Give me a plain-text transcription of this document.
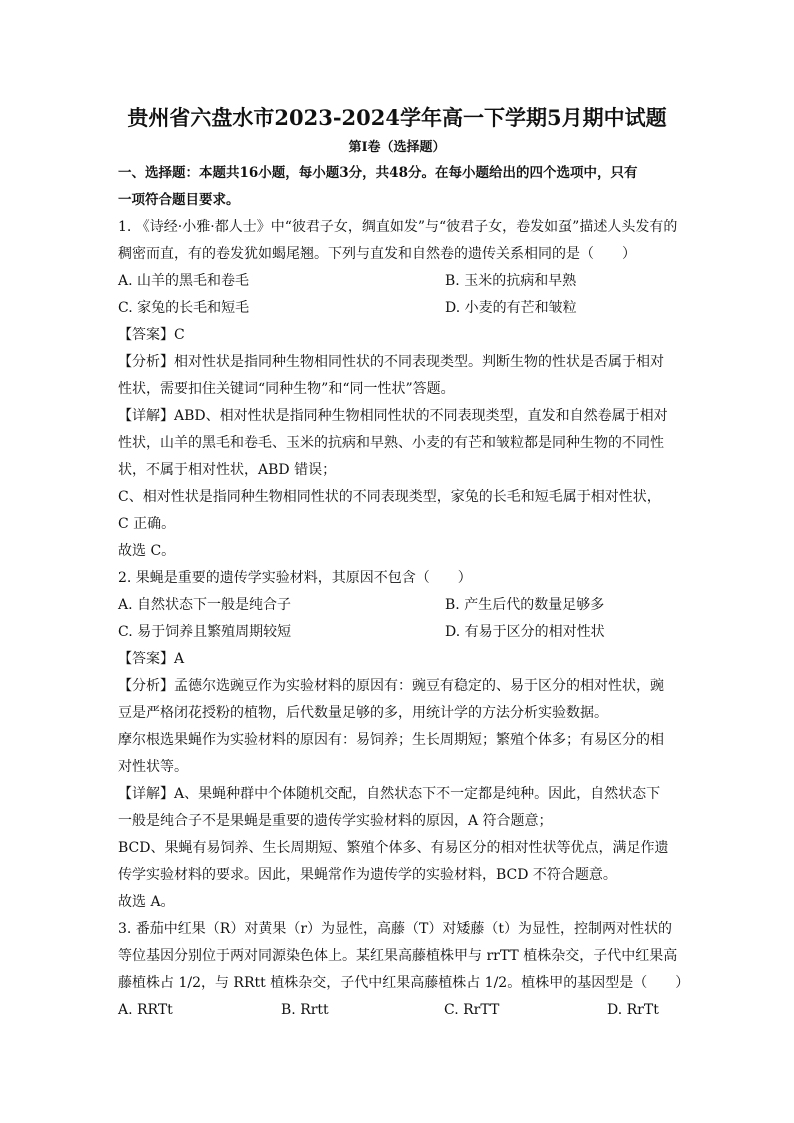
贵州省六盘水市2023-2024学年高一下学期5月期中试题
第I卷（选择题）
一、选择题：本题共16小题，每小题3分，共48分。在每小题给出的四个选项中，只有
一项符合题目要求。
1. 《诗经·小雅·都人士》中“彼君子女，绸直如发”与“彼君子女，卷发如虿”描述人头发有的
稠密而直，有的卷发犹如蝎尾翘。下列与直发和自然卷的遗传关系相同的是（　　）
A. 山羊的黑毛和卷毛	B. 玉米的抗病和早熟
C. 家兔的长毛和短毛	D. 小麦的有芒和皱粒
【答案】C
【分析】相对性状是指同种生物相同性状的不同表现类型。判断生物的性状是否属于相对
性状，需要扣住关键词“同种生物”和“同一性状”答题。
【详解】ABD、相对性状是指同种生物相同性状的不同表现类型，直发和自然卷属于相对
性状，山羊的黑毛和卷毛、玉米的抗病和早熟、小麦的有芒和皱粒都是同种生物的不同性
状，不属于相对性状，ABD 错误；
C、相对性状是指同种生物相同性状的不同表现类型，家兔的长毛和短毛属于相对性状，
C 正确。
故选 C。
2. 果蝇是重要的遗传学实验材料，其原因不包含（　　）
A. 自然状态下一般是纯合子	B. 产生后代的数量足够多
C. 易于饲养且繁殖周期较短	D. 有易于区分的相对性状
【答案】A
【分析】孟德尔选豌豆作为实验材料的原因有：豌豆有稳定的、易于区分的相对性状，豌
豆是严格闭花授粉的植物，后代数量足够的多，用统计学的方法分析实验数据。
摩尔根选果蝇作为实验材料的原因有：易饲养；生长周期短；繁殖个体多；有易区分的相
对性状等。
【详解】A、果蝇种群中个体随机交配，自然状态下不一定都是纯种。因此，自然状态下
一般是纯合子不是果蝇是重要的遗传学实验材料的原因，A 符合题意；
BCD、果蝇有易饲养、生长周期短、繁殖个体多、有易区分的相对性状等优点，满足作遗
传学实验材料的要求。因此，果蝇常作为遗传学的实验材料，BCD 不符合题意。
故选 A。
3. 番茄中红果（R）对黄果（r）为显性，高藤（T）对矮藤（t）为显性，控制两对性状的
等位基因分别位于两对同源染色体上。某红果高藤植株甲与 rrTT 植株杂交，子代中红果高
藤植株占 1/2，与 RRtt 植株杂交，子代中红果高藤植株占 1/2。植株甲的基因型是（　　）
A. RRTt	B. Rrtt	C. RrTT	D. RrTt
